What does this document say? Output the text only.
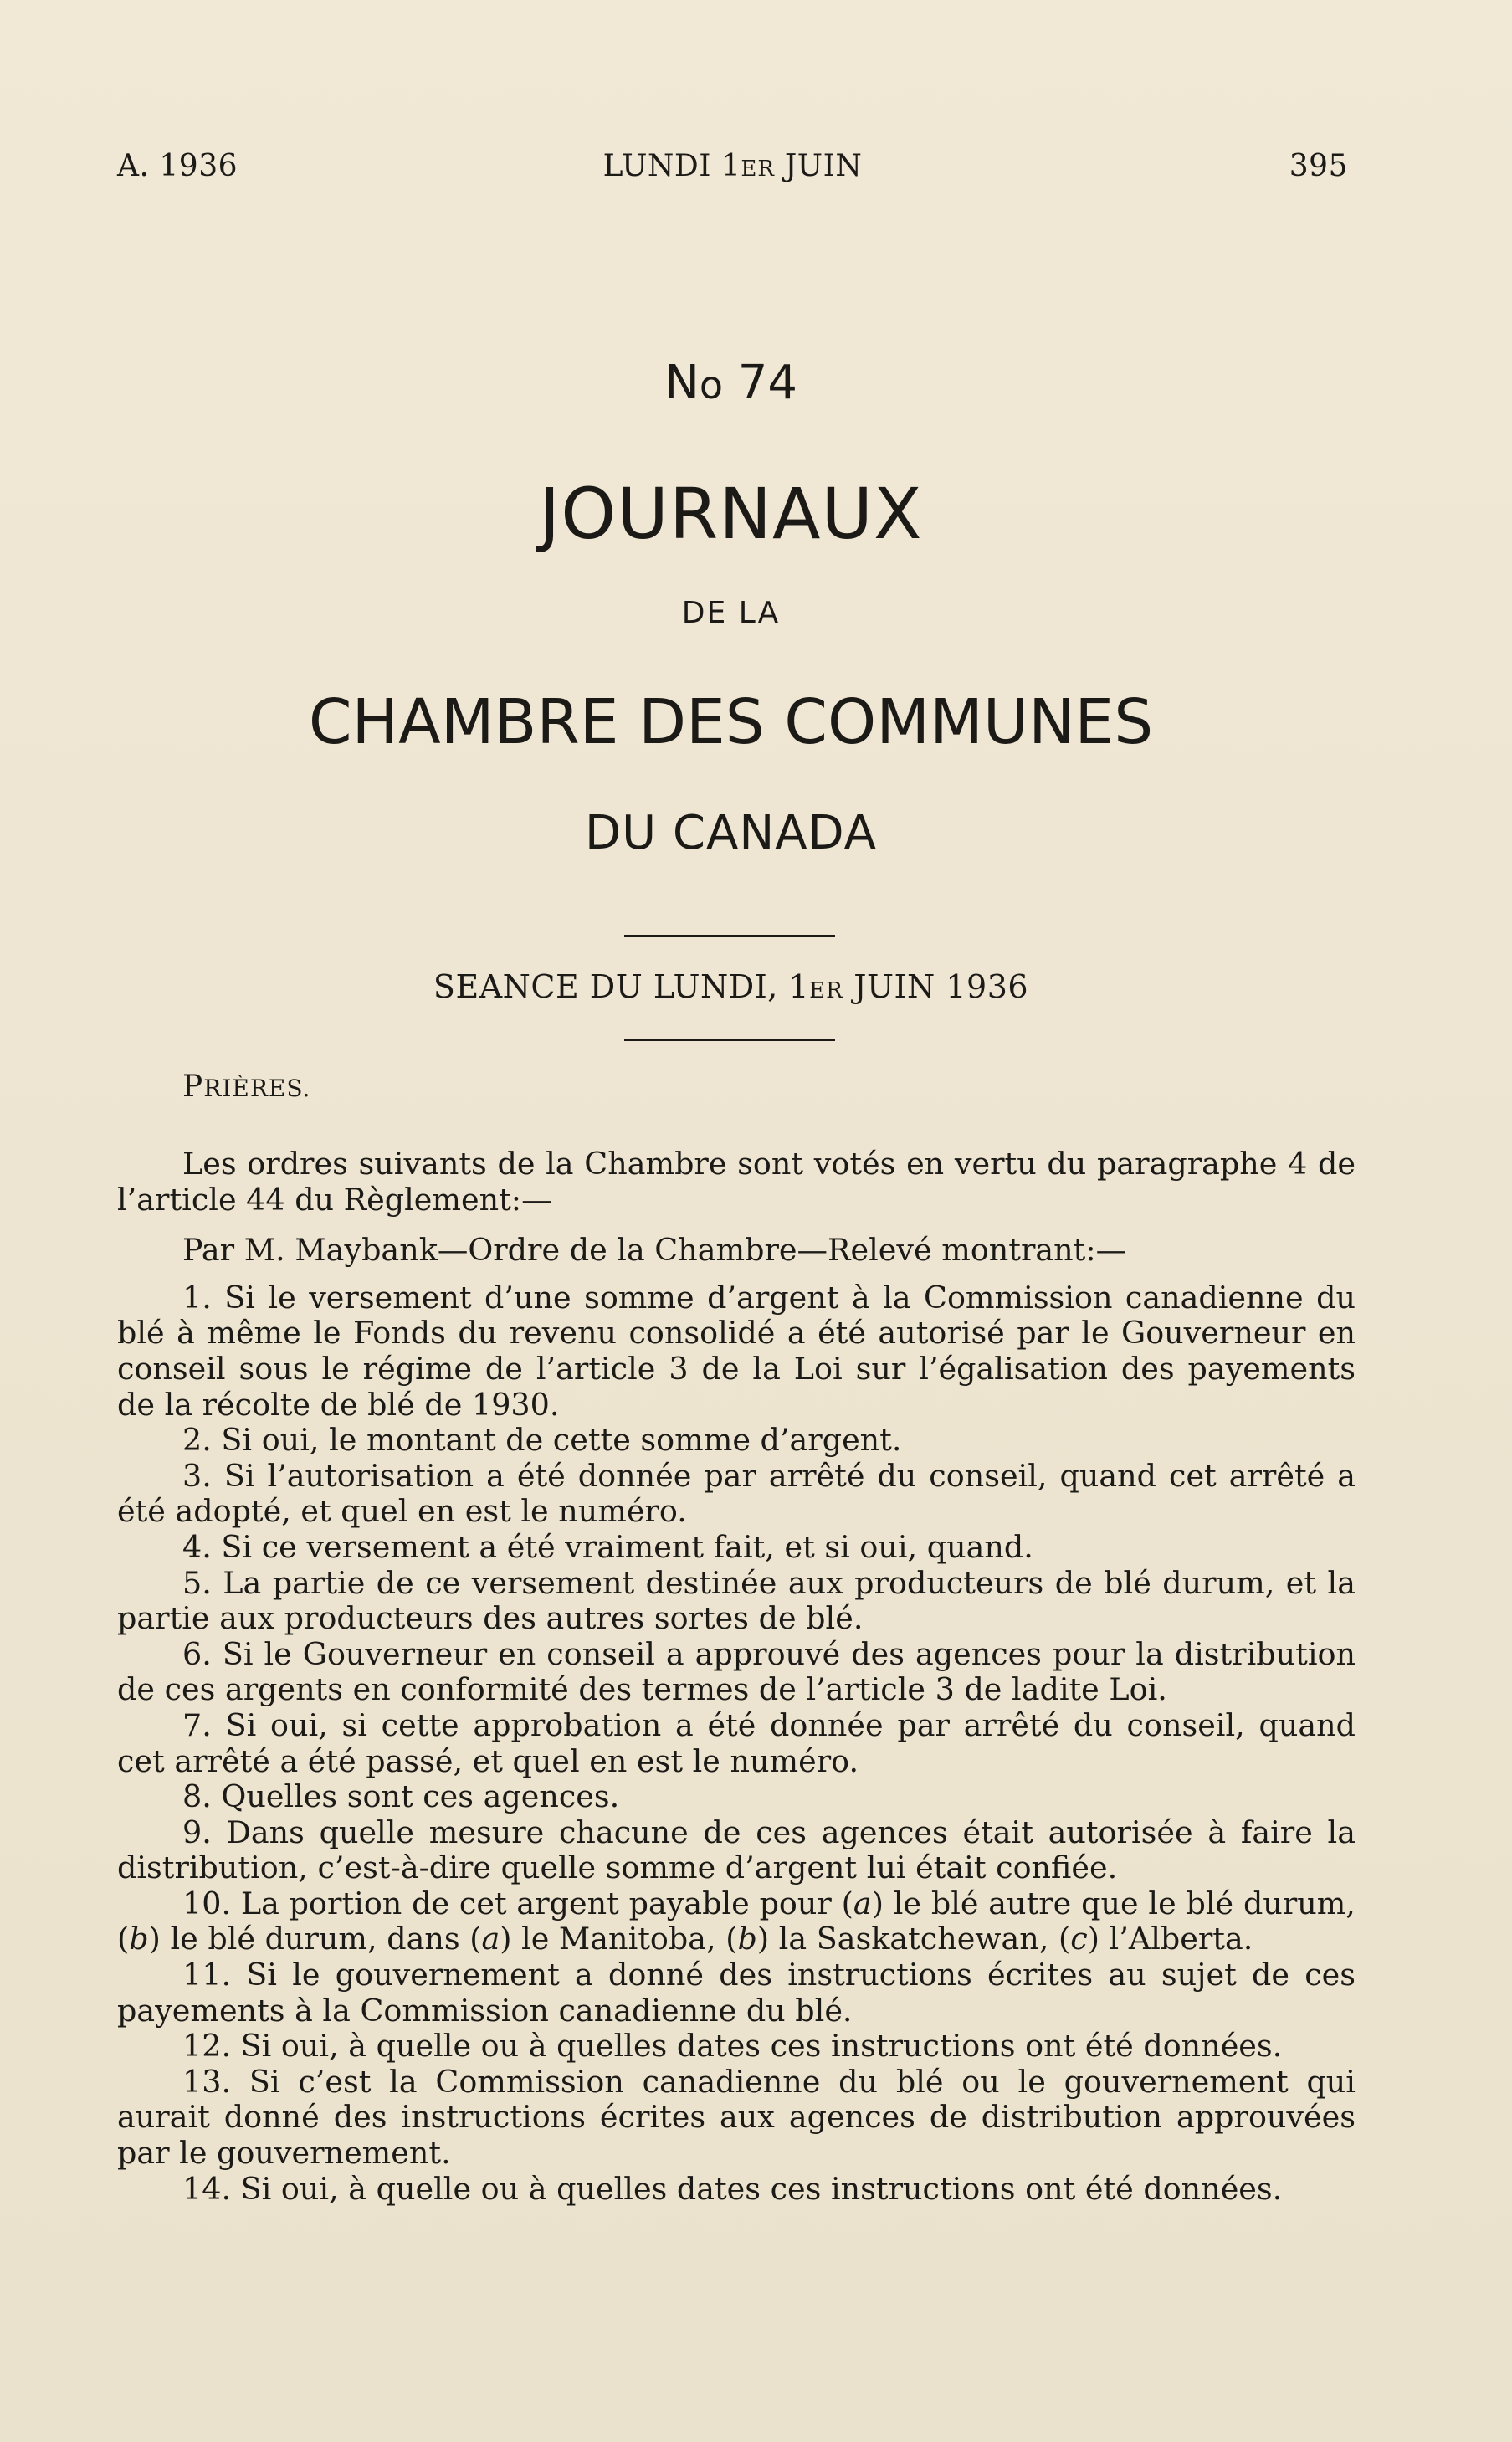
A. 1936	LUNDI 1ER JUIN	395
No 74
JOURNAUX
DE LA
CHAMBRE DES COMMUNES
DU CANADA
SEANCE DU LUNDI, 1ER JUIN 1936
PRIÈRES.

Les ordres suivants de la Chambre sont votés en vertu du paragraphe 4 de l’article 44 du Règlement:—

Par M. Maybank—Ordre de la Chambre—Relevé montrant:—

1. Si le versement d’une somme d’argent à la Commission canadienne du blé à même le Fonds du revenu consolidé a été autorisé par le Gouverneur en conseil sous le régime de l’article 3 de la Loi sur l’égalisation des payements de la récolte de blé de 1930.

2. Si oui, le montant de cette somme d’argent.

3. Si l’autorisation a été donnée par arrêté du conseil, quand cet arrêté a été adopté, et quel en est le numéro.

4. Si ce versement a été vraiment fait, et si oui, quand.

5. La partie de ce versement destinée aux producteurs de blé durum, et la partie aux producteurs des autres sortes de blé.

6. Si le Gouverneur en conseil a approuvé des agences pour la distribution de ces argents en conformité des termes de l’article 3 de ladite Loi.

7. Si oui, si cette approbation a été donnée par arrêté du conseil, quand cet arrêté a été passé, et quel en est le numéro.

8. Quelles sont ces agences.

9. Dans quelle mesure chacune de ces agences était autorisée à faire la distribution, c’est-à-dire quelle somme d’argent lui était confiée.

10. La portion de cet argent payable pour (a) le blé autre que le blé durum, (b) le blé durum, dans (a) le Manitoba, (b) la Saskatchewan, (c) l’Alberta.

11. Si le gouvernement a donné des instructions écrites au sujet de ces payements à la Commission canadienne du blé.

12. Si oui, à quelle ou à quelles dates ces instructions ont été données.

13. Si c’est la Commission canadienne du blé ou le gouvernement qui aurait donné des instructions écrites aux agences de distribution approuvées par le gouvernement.

14. Si oui, à quelle ou à quelles dates ces instructions ont été données.
